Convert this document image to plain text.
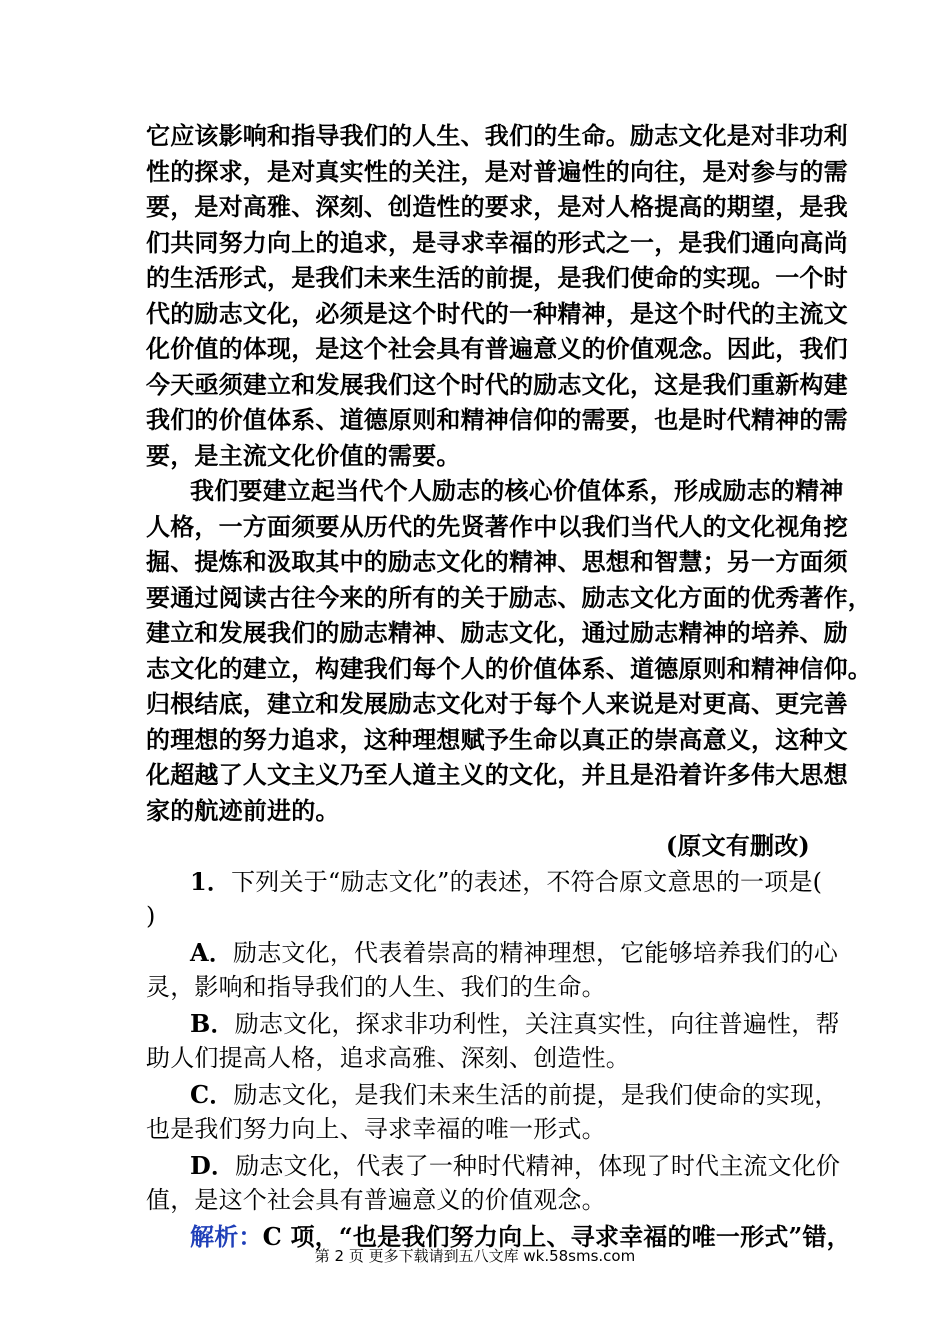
它应该影响和指导我们的人生、我们的生命。励志文化是对非功利
性的探求，是对真实性的关注，是对普遍性的向往，是对参与的需
要，是对高雅、深刻、创造性的要求，是对人格提高的期望，是我
们共同努力向上的追求，是寻求幸福的形式之一，是我们通向高尚
的生活形式，是我们未来生活的前提，是我们使命的实现。一个时
代的励志文化，必须是这个时代的一种精神，是这个时代的主流文
化价值的体现，是这个社会具有普遍意义的价值观念。因此，我们
今天亟须建立和发展我们这个时代的励志文化，这是我们重新构建
我们的价值体系、道德原则和精神信仰的需要，也是时代精神的需
要，是主流文化价值的需要。
我们要建立起当代个人励志的核心价值体系，形成励志的精神
人格，一方面须要从历代的先贤著作中以我们当代人的文化视角挖
掘、提炼和汲取其中的励志文化的精神、思想和智慧；另一方面须
要通过阅读古往今来的所有的关于励志、励志文化方面的优秀著作，
建立和发展我们的励志精神、励志文化，通过励志精神的培养、励
志文化的建立，构建我们每个人的价值体系、道德原则和精神信仰。
归根结底，建立和发展励志文化对于每个人来说是对更高、更完善
的理想的努力追求，这种理想赋予生命以真正的崇高意义，这种文
化超越了人文主义乃至人道主义的文化，并且是沿着许多伟大思想
家的航迹前进的。
(原文有删改)
1．下列关于“励志文化”的表述，不符合原文意思的一项是(
)
A．励志文化，代表着崇高的精神理想，它能够培养我们的心
灵，影响和指导我们的人生、我们的生命。
B．励志文化，探求非功利性，关注真实性，向往普遍性，帮
助人们提高人格，追求高雅、深刻、创造性。
C．励志文化，是我们未来生活的前提，是我们使命的实现，
也是我们努力向上、寻求幸福的唯一形式。
D．励志文化，代表了一种时代精神，体现了时代主流文化价
值，是这个社会具有普遍意义的价值观念。
解析：C 项，“也是我们努力向上、寻求幸福的唯一形式”错，
第 2 页 更多下载请到五八文库 wk.58sms.com
